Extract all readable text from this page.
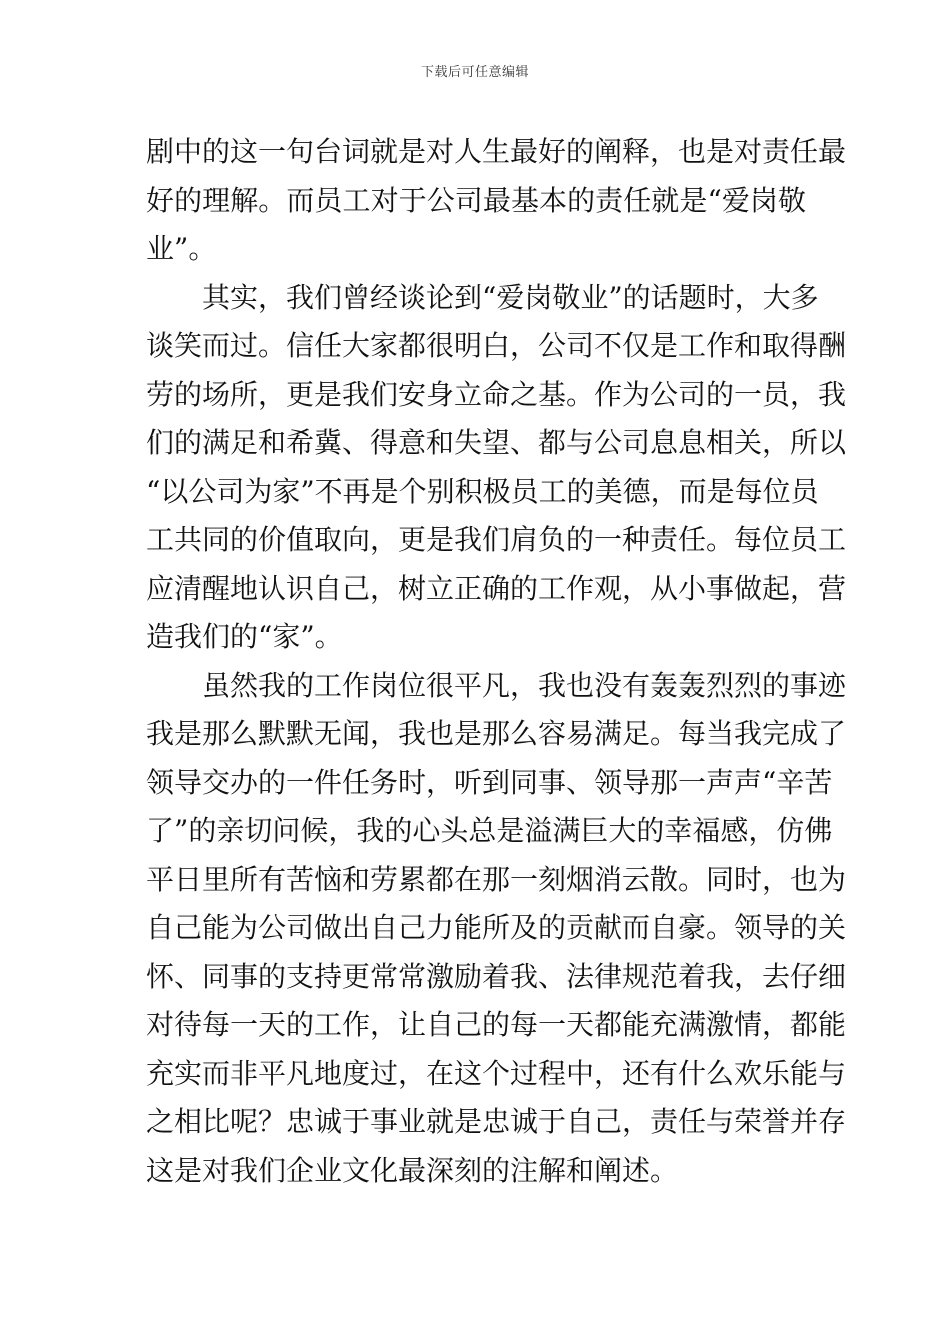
下载后可任意编辑
剧中的这一句台词就是对人生最好的阐释，也是对责任最
好的理解。而员工对于公司最基本的责任就是“爱岗敬
业”。
其实，我们曾经谈论到“爱岗敬业”的话题时，大多
谈笑而过。信任大家都很明白，公司不仅是工作和取得酬
劳的场所，更是我们安身立命之基。作为公司的一员，我
们的满足和希冀、得意和失望、都与公司息息相关，所以
“以公司为家”不再是个别积极员工的美德，而是每位员
工共同的价值取向，更是我们肩负的一种责任。每位员工
应清醒地认识自己，树立正确的工作观，从小事做起，营
造我们的“家”。
虽然我的工作岗位很平凡，我也没有轰轰烈烈的事迹
我是那么默默无闻，我也是那么容易满足。每当我完成了
领导交办的一件任务时，听到同事、领导那一声声“辛苦
了”的亲切问候，我的心头总是溢满巨大的幸福感，仿佛
平日里所有苦恼和劳累都在那一刻烟消云散。同时，也为
自己能为公司做出自己力能所及的贡献而自豪。领导的关
怀、同事的支持更常常激励着我、法律规范着我，去仔细
对待每一天的工作，让自己的每一天都能充满激情，都能
充实而非平凡地度过，在这个过程中，还有什么欢乐能与
之相比呢？忠诚于事业就是忠诚于自己，责任与荣誉并存
这是对我们企业文化最深刻的注解和阐述。
